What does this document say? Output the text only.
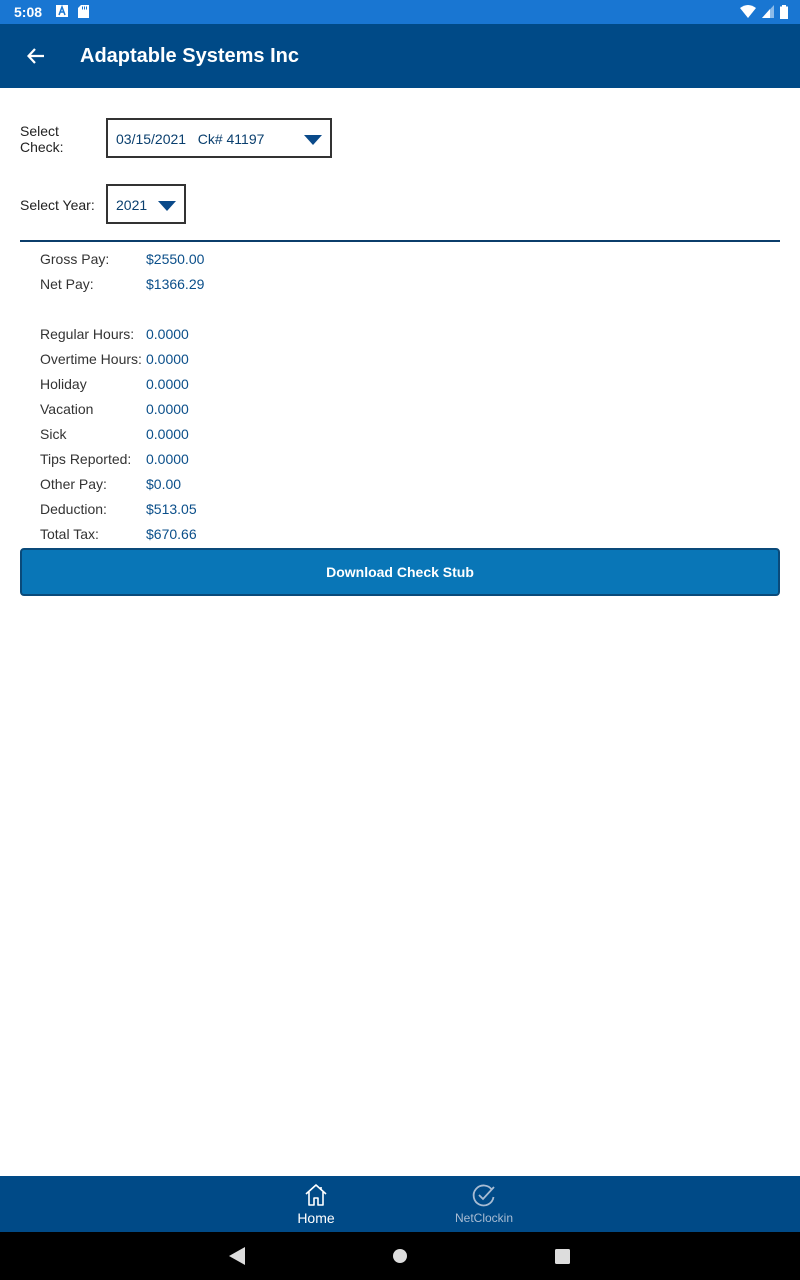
5:08
Adaptable Systems Inc
Select
Check:	03/15/2021   Ck# 41197
Select Year: 2021
Gross Pay:	$2550.00
Net Pay:	$1366.29
Regular Hours: 0.0000
Overtime Hours: 0.0000
Holiday	0.0000
Vacation	0.0000
Sick	0.0000
Tips Reported:	0.0000
Other Pay:	$0.00
Deduction:	$513.05
Total Tax:	$670.66
Download Check Stub
Home	NetClockin
